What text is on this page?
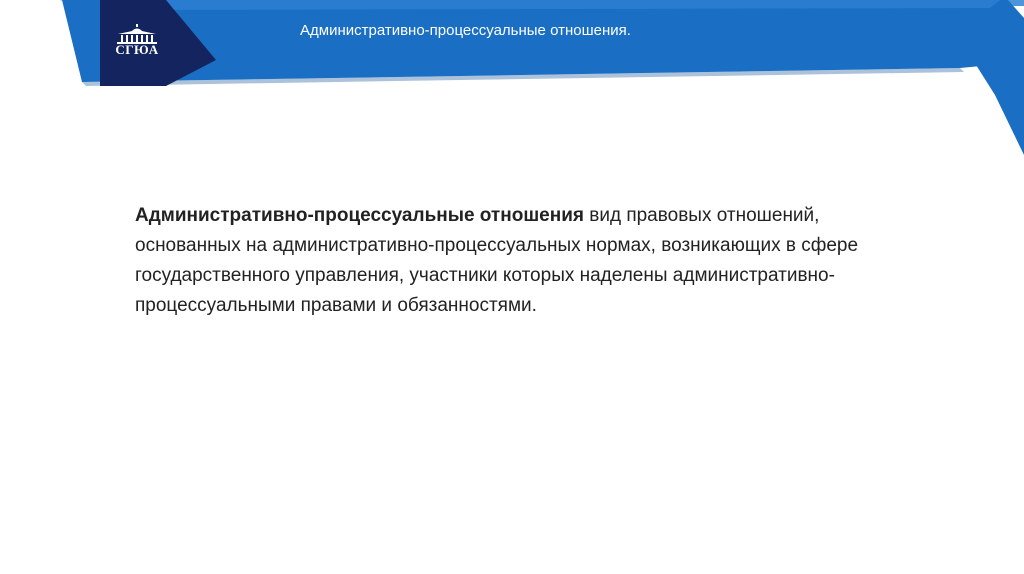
СГЮА
Административно-процессуальные отношения.
Административно-процессуальные отношения вид правовых отношений, основанных на административно-процессуальных нормах, возникающих в сфере государственного управления, участники которых наделены административно-процессуальными правами и обязанностями.
